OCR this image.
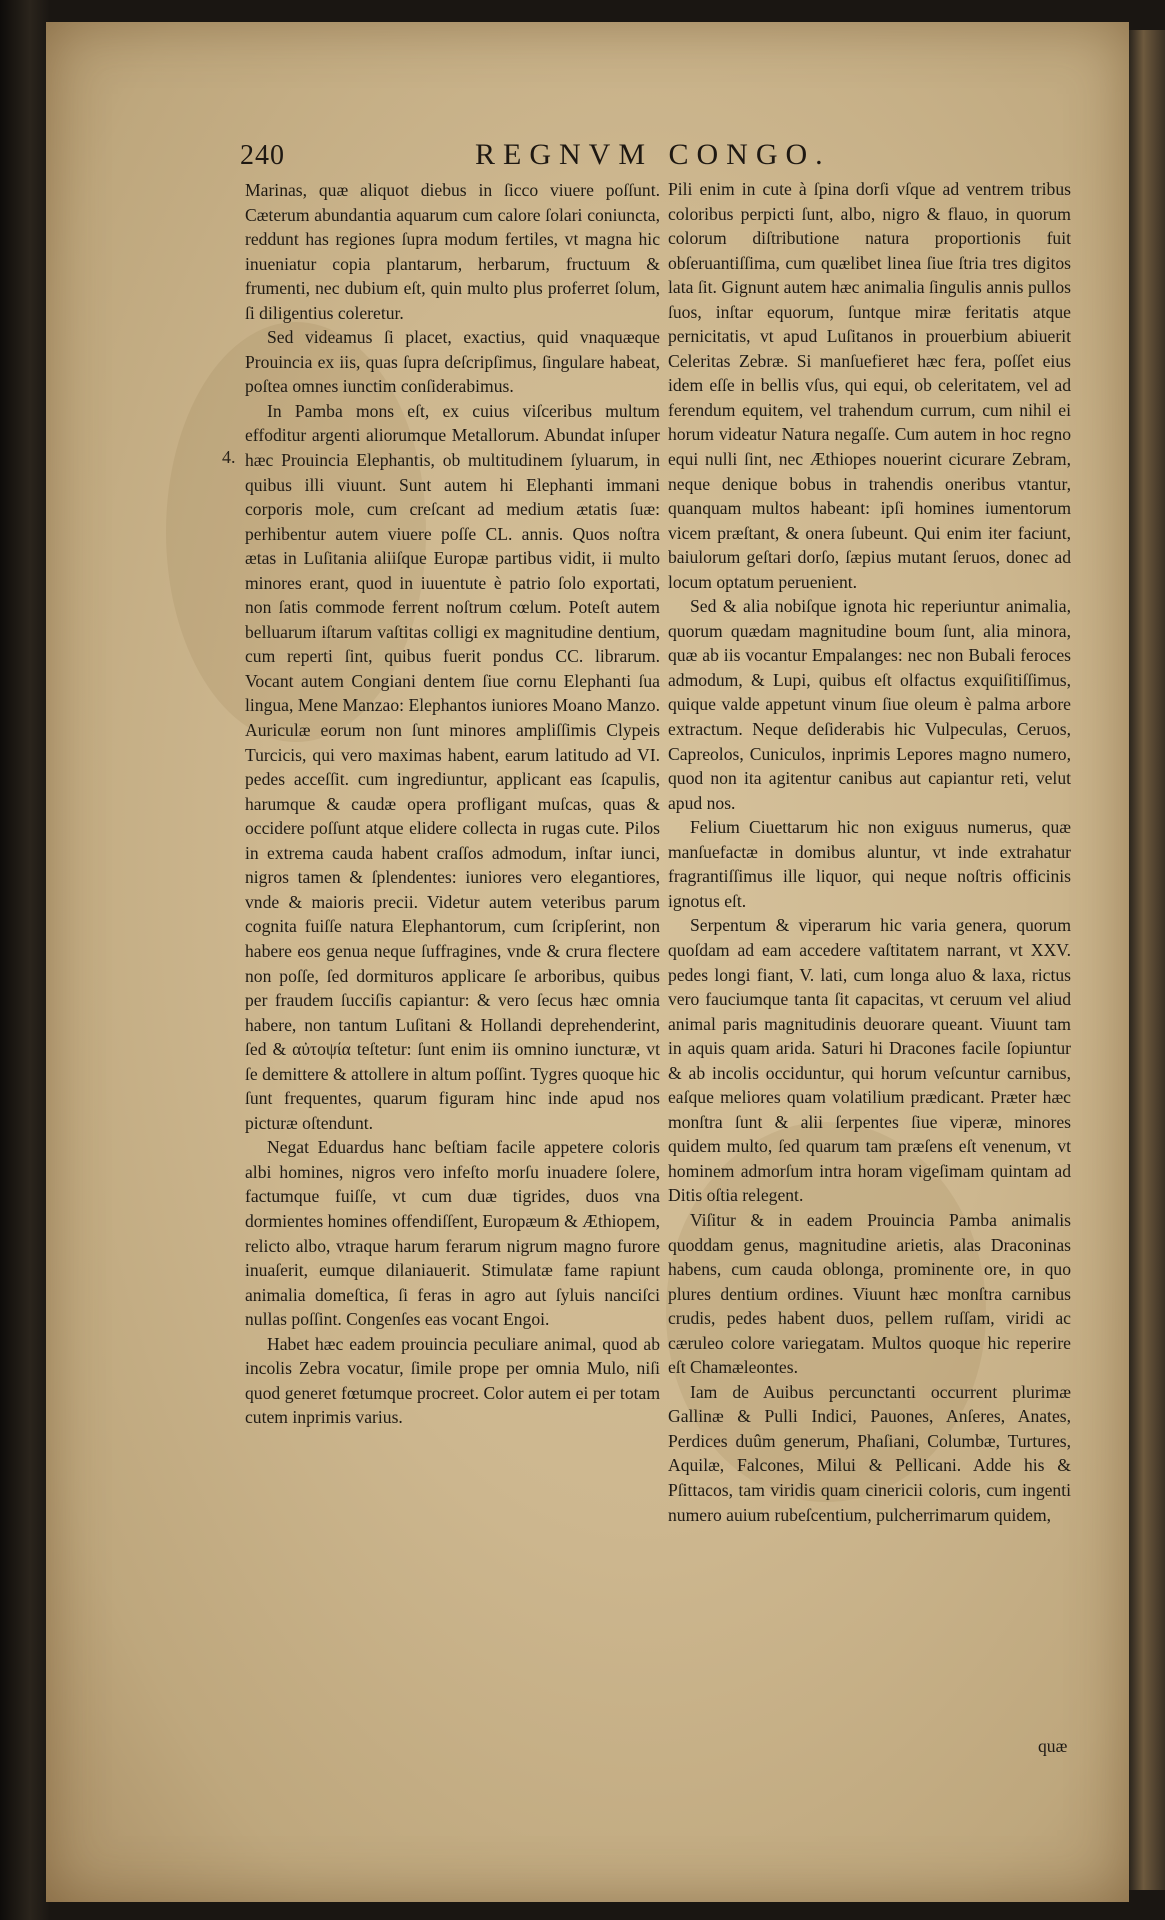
240	REGNVM CONGO.
4.

Marinas, quæ aliquot diebus in ſicco viuere poſſunt. Cæterum abundantia aquarum cum calore ſolari coniuncta, reddunt has regiones ſupra modum fertiles, vt magna hic inueniatur copia plantarum, herbarum, fructuum & frumenti, nec dubium eſt, quin multo plus proferret ſolum, ſi diligentius coleretur.

Sed videamus ſi placet, exactius, quid vnaquæque Prouincia ex iis, quas ſupra deſcripſimus, ſingulare habeat, poſtea omnes iunctim conſiderabimus.

In Pamba mons eſt, ex cuius viſceribus multum effoditur argenti aliorumque Metallorum. Abundat inſuper hæc Prouincia Elephantis, ob multitudinem ſyluarum, in quibus illi viuunt. Sunt autem hi Elephanti immani corporis mole, cum creſcant ad medium ætatis ſuæ: perhibentur autem viuere poſſe CL. annis. Quos noſtra ætas in Luſitania aliiſque Europæ partibus vidit, ii multo minores erant, quod in iuuentute è patrio ſolo exportati, non ſatis commode ferrent noſtrum cœlum. Poteſt autem belluarum iſtarum vaſtitas colligi ex magnitudine dentium, cum reperti ſint, quibus fuerit pondus CC. librarum. Vocant autem Congiani dentem ſiue cornu Elephanti ſua lingua, Mene Manzao: Elephantos iuniores Moano Manzo. Auriculæ eorum non ſunt minores ampliſſimis Clypeis Turcicis, qui vero maximas habent, earum latitudo ad VI. pedes acceſſit. cum ingrediuntur, applicant eas ſcapulis, harumque & caudæ opera profligant muſcas, quas & occidere poſſunt atque elidere collecta in rugas cute. Pilos in extrema cauda habent craſſos admodum, inſtar iunci, nigros tamen & ſplendentes: iuniores vero elegantiores, vnde & maioris precii. Videtur autem veteribus parum cognita fuiſſe natura Elephantorum, cum ſcripſerint, non habere eos genua neque ſuffragines, vnde & crura flectere non poſſe, ſed dormituros applicare ſe arboribus, quibus per fraudem ſucciſis capiantur: & vero ſecus hæc omnia habere, non tantum Luſitani & Hollandi deprehenderint, ſed & αὐτοψία teſtetur: ſunt enim iis omnino iuncturæ, vt ſe demittere & attollere in altum poſſint. Tygres quoque hic ſunt frequentes, quarum figuram hinc inde apud nos picturæ oſtendunt.

Negat Eduardus hanc beſtiam facile appetere coloris albi homines, nigros vero infeſto morſu inuadere ſolere, factumque fuiſſe, vt cum duæ tigrides, duos vna dormientes homines offendiſſent, Europæum & Æthiopem, relicto albo, vtraque harum ferarum nigrum magno furore inuaſerit, eumque dilaniauerit. Stimulatæ fame rapiunt animalia domeſtica, ſi feras in agro aut ſyluis nanciſci nullas poſſint. Congenſes eas vocant Engoi.

Habet hæc eadem prouincia peculiare animal, quod ab incolis Zebra vocatur, ſimile prope per omnia Mulo, niſi quod generet fœtumque procreet. Color autem ei per totam cutem inprimis varius.

Pili enim in cute à ſpina dorſi vſque ad ventrem tribus coloribus perpicti ſunt, albo, nigro & flauo, in quorum colorum diſtributione natura proportionis fuit obſeruantiſſima, cum quælibet linea ſiue ſtria tres digitos lata ſit. Gignunt autem hæc animalia ſingulis annis pullos ſuos, inſtar equorum, ſuntque miræ feritatis atque pernicitatis, vt apud Luſitanos in prouerbium abiuerit Celeritas Zebræ. Si manſuefieret hæc fera, poſſet eius idem eſſe in bellis vſus, qui equi, ob celeritatem, vel ad ferendum equitem, vel trahendum currum, cum nihil ei horum videatur Natura negaſſe. Cum autem in hoc regno equi nulli ſint, nec Æthiopes nouerint cicurare Zebram, neque denique bobus in trahendis oneribus vtantur, quanquam multos habeant: ipſi homines iumentorum vicem præſtant, & onera ſubeunt. Qui enim iter faciunt, baiulorum geſtari dorſo, ſæpius mutant ſeruos, donec ad locum optatum peruenient.

Sed & alia nobiſque ignota hic reperiuntur animalia, quorum quædam magnitudine boum ſunt, alia minora, quæ ab iis vocantur Empalanges: nec non Bubali feroces admodum, & Lupi, quibus eſt olfactus exquiſitiſſimus, quique valde appetunt vinum ſiue oleum è palma arbore extractum. Neque deſiderabis hic Vulpeculas, Ceruos, Capreolos, Cuniculos, inprimis Lepores magno numero, quod non ita agitentur canibus aut capiantur reti, velut apud nos.

Felium Ciuettarum hic non exiguus numerus, quæ manſuefactæ in domibus aluntur, vt inde extrahatur fragrantiſſimus ille liquor, qui neque noſtris officinis ignotus eſt.

Serpentum & viperarum hic varia genera, quorum quoſdam ad eam accedere vaſtitatem narrant, vt XXV. pedes longi fiant, V. lati, cum longa aluo & laxa, rictus vero fauciumque tanta ſit capacitas, vt ceruum vel aliud animal paris magnitudinis deuorare queant. Viuunt tam in aquis quam arida. Saturi hi Dracones facile ſopiuntur & ab incolis occiduntur, qui horum veſcuntur carnibus, eaſque meliores quam volatilium prædicant. Præter hæc monſtra ſunt & alii ſerpentes ſiue viperæ, minores quidem multo, ſed quarum tam præſens eſt venenum, vt hominem admorſum intra horam vigeſimam quintam ad Ditis oſtia relegent.

Viſitur & in eadem Prouincia Pamba animalis quoddam genus, magnitudine arietis, alas Draconinas habens, cum cauda oblonga, prominente ore, in quo plures dentium ordines. Viuunt hæc monſtra carnibus crudis, pedes habent duos, pellem ruſſam, viridi ac cæruleo colore variegatam. Multos quoque hic reperire eſt Chamæleontes.

Iam de Auibus percunctanti occurrent plurimæ Gallinæ & Pulli Indici, Pauones, Anſeres, Anates, Perdices duûm generum, Phaſiani, Columbæ, Turtures, Aquilæ, Falcones, Milui & Pellicani. Adde his & Pſittacos, tam viridis quam cinericii coloris, cum ingenti numero auium rubeſcentium, pulcherrimarum quidem,

quæ
